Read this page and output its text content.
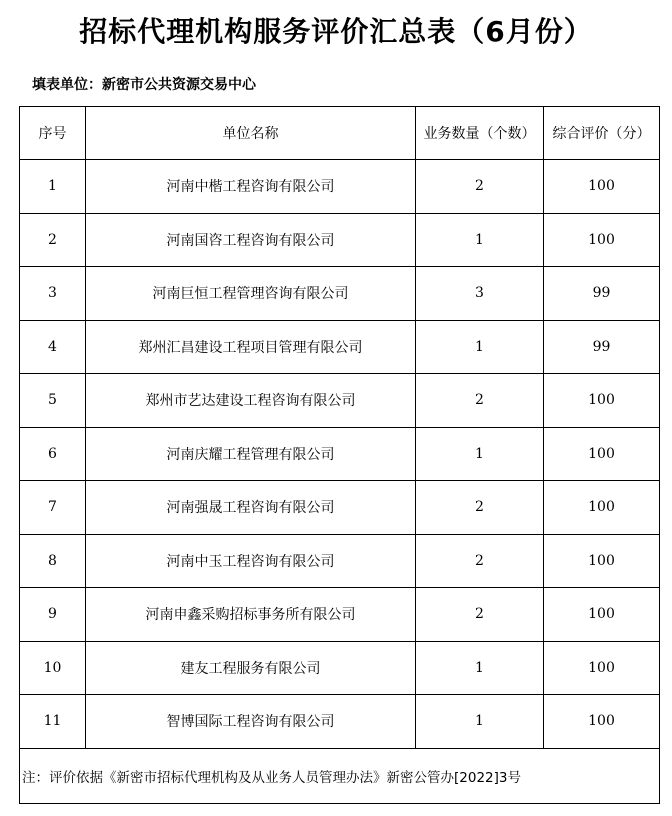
招标代理机构服务评价汇总表（6月份）
填表单位：新密市公共资源交易中心
序号	单位名称	业务数量（个数）	综合评价（分）
1	河南中楷工程咨询有限公司	2	100
2	河南国咨工程咨询有限公司	1	100
3	河南巨恒工程管理咨询有限公司	3	99
4	郑州汇昌建设工程项目管理有限公司	1	99
5	郑州市艺达建设工程咨询有限公司	2	100
6	河南庆耀工程管理有限公司	1	100
7	河南强晟工程咨询有限公司	2	100
8	河南中玉工程咨询有限公司	2	100
9	河南申鑫采购招标事务所有限公司	2	100
10	建友工程服务有限公司	1	100
11	智博国际工程咨询有限公司	1	100
注：评价依据《新密市招标代理机构及从业务人员管理办法》新密公管办[2022]3号			
